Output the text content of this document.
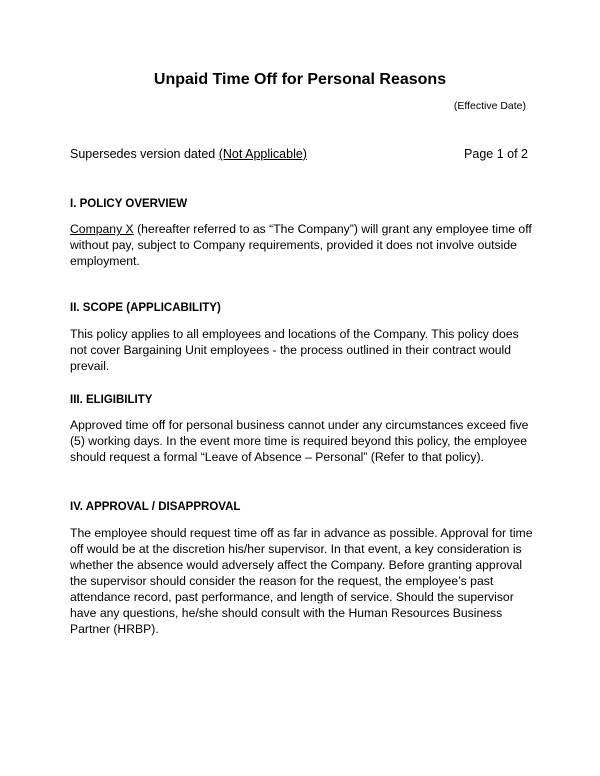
Unpaid Time Off for Personal Reasons
(Effective Date)
Supersedes version dated (Not Applicable)	Page 1 of 2
I. POLICY OVERVIEW
Company X (hereafter referred to as “The Company”) will grant any employee time off without pay, subject to Company requirements, provided it does not involve outside employment.
II. SCOPE (APPLICABILITY)
This policy applies to all employees and locations of the Company. This policy does not cover Bargaining Unit employees - the process outlined in their contract would prevail.
III. ELIGIBILITY
Approved time off for personal business cannot under any circumstances exceed five (5) working days. In the event more time is required beyond this policy, the employee should request a formal “Leave of Absence – Personal” (Refer to that policy).
IV. APPROVAL / DISAPPROVAL
The employee should request time off as far in advance as possible. Approval for time off would be at the discretion his/her supervisor. In that event, a key consideration is whether the absence would adversely affect the Company. Before granting approval the supervisor should consider the reason for the request, the employee’s past attendance record, past performance, and length of service. Should the supervisor have any questions, he/she should consult with the Human Resources Business Partner (HRBP).
